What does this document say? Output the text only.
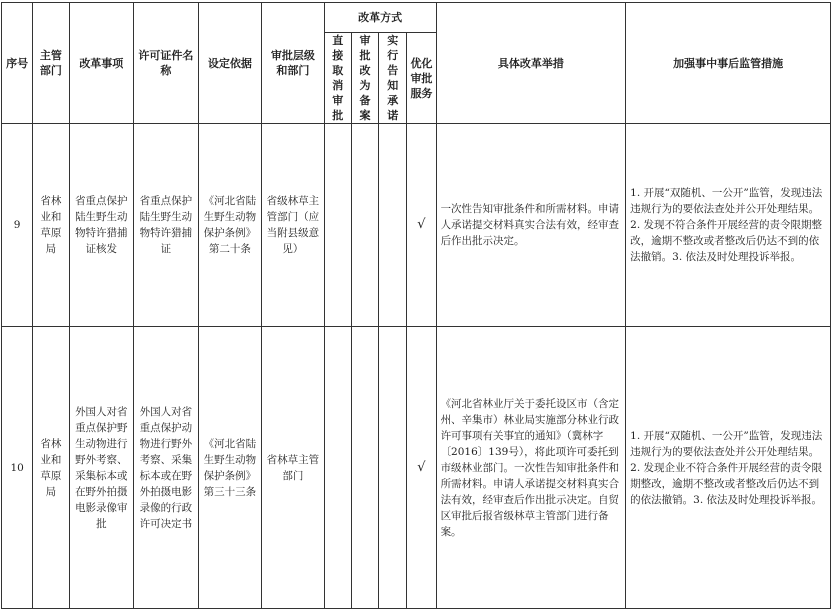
序号	主管部门	改革事项	许可证件名称	设定依据	审批层级和部门	改革方式				具体改革举措	加强事中事后监管措施

						直接取消审批	审批改为备案	实行告知承诺	优化审批服务		

9	省林业和草原局	省重点保护陆生野生动物特许猎捕证核发	省重点保护陆生野生动物特许猎捕证	《河北省陆生野生动物保护条例》第二十条	省级林草主管部门（应当附县级意见）				√	一次性告知审批条件和所需材料。申请人承诺提交材料真实合法有效，经审查后作出批示决定。	1. 开展“双随机、一公开”监管，发现违法违规行为的要依法查处并公开处理结果。2. 发现不符合条件开展经营的责令限期整改，逾期不整改或者整改后仍达不到的依法撤销。3. 依法及时处理投诉举报。

10	省林业和草原局	外国人对省重点保护野生动物进行野外考察、采集标本或在野外拍摄电影录像审批	外国人对省重点保护动物进行野外考察、采集标本或在野外拍摄电影录像的行政许可决定书	《河北省陆生野生动物保护条例》第三十三条	省林草主管部门				√	《河北省林业厅关于委托设区市（含定州、辛集市）林业局实施部分林业行政许可事项有关事宜的通知》（冀林字〔2016〕139号），将此项许可委托到市级林业部门。一次性告知审批条件和所需材料。申请人承诺提交材料真实合法有效，经审查后作出批示决定。自贸区审批后报省级林草主管部门进行备案。	1. 开展“双随机、一公开”监管，发现违法违规行为的要依法查处并公开处理结果。2. 发现企业不符合条件开展经营的责令限期整改，逾期不整改或者整改后仍达不到的依法撤销。3. 依法及时处理投诉举报。
